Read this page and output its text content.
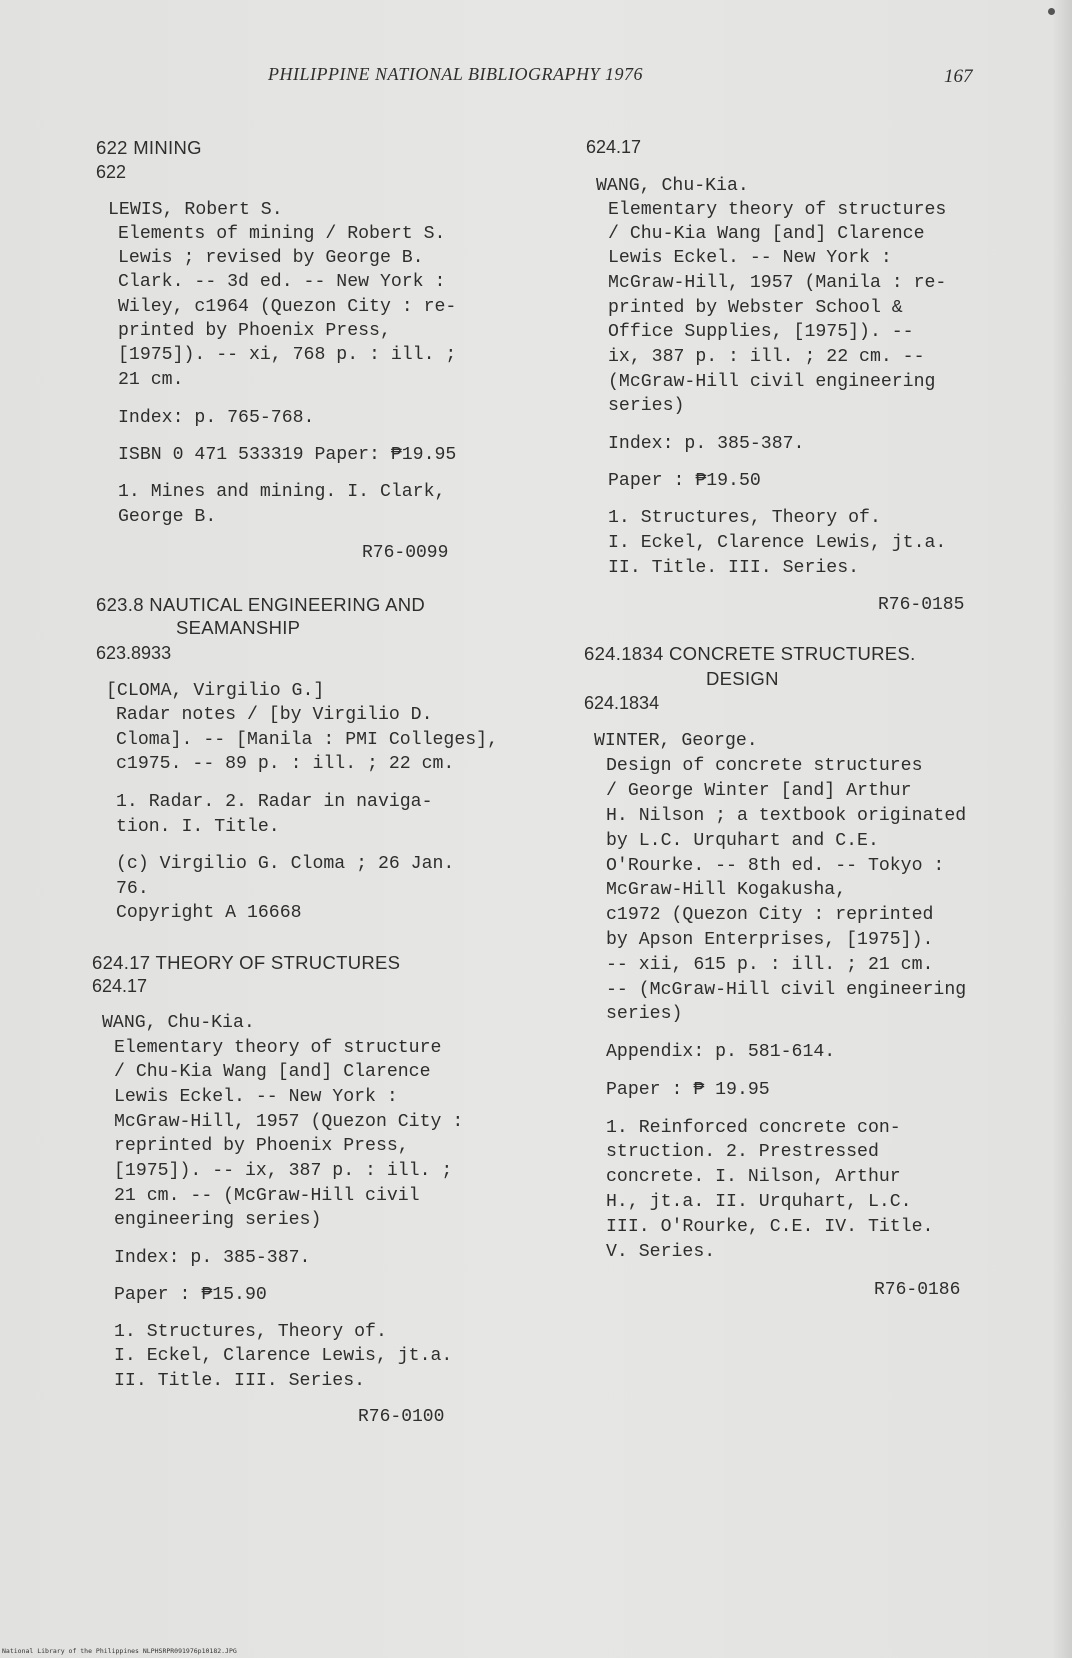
PHILIPPINE NATIONAL BIBLIOGRAPHY 1976	167
622 MINING
622
LEWIS, Robert S.
Elements of mining / Robert S.
Lewis ; revised by George B.
Clark. -- 3d ed. -- New York :
Wiley, c1964 (Quezon City : re-
printed by Phoenix Press,
[1975]). -- xi, 768 p. : ill. ;
21 cm.
Index: p. 765-768.
ISBN 0 471 533319 Paper: ₱19.95
1. Mines and mining. I. Clark,
George B.
R76-0099
623.8 NAUTICAL ENGINEERING AND
SEAMANSHIP
623.8933
[CLOMA, Virgilio G.]
Radar notes / [by Virgilio D.
Cloma]. -- [Manila : PMI Colleges],
c1975. -- 89 p. : ill. ; 22 cm.
1. Radar. 2. Radar in naviga-
tion. I. Title.
(c) Virgilio G. Cloma ; 26 Jan.
76.
Copyright A 16668
624.17 THEORY OF STRUCTURES
624.17
WANG, Chu-Kia.
Elementary theory of structure
/ Chu-Kia Wang [and] Clarence
Lewis Eckel. -- New York :
McGraw-Hill, 1957 (Quezon City :
reprinted by Phoenix Press,
[1975]). -- ix, 387 p. : ill. ;
21 cm. -- (McGraw-Hill civil
engineering series)
Index: p. 385-387.
Paper : ₱15.90
1. Structures, Theory of.
I. Eckel, Clarence Lewis, jt.a.
II. Title. III. Series.
R76-0100
624.17
WANG, Chu-Kia.
Elementary theory of structures
/ Chu-Kia Wang [and] Clarence
Lewis Eckel. -- New York :
McGraw-Hill, 1957 (Manila : re-
printed by Webster School &
Office Supplies, [1975]). --
ix, 387 p. : ill. ; 22 cm. --
(McGraw-Hill civil engineering
series)
Index: p. 385-387.
Paper : ₱19.50
1. Structures, Theory of.
I. Eckel, Clarence Lewis, jt.a.
II. Title. III. Series.
R76-0185
624.1834 CONCRETE STRUCTURES.
DESIGN
624.1834
WINTER, George.
Design of concrete structures
/ George Winter [and] Arthur
H. Nilson ; a textbook originated
by L.C. Urquhart and C.E.
O'Rourke. -- 8th ed. -- Tokyo :
McGraw-Hill Kogakusha,
c1972 (Quezon City : reprinted
by Apson Enterprises, [1975]).
-- xii, 615 p. : ill. ; 21 cm.
-- (McGraw-Hill civil engineering
series)
Appendix: p. 581-614.
Paper : ₱ 19.95
1. Reinforced concrete con-
struction. 2. Prestressed
concrete. I. Nilson, Arthur
H., jt.a. II. Urquhart, L.C.
III. O'Rourke, C.E. IV. Title.
V. Series.
R76-0186
National Library of the Philippines NLPHSRPR091976p10182.JPG
